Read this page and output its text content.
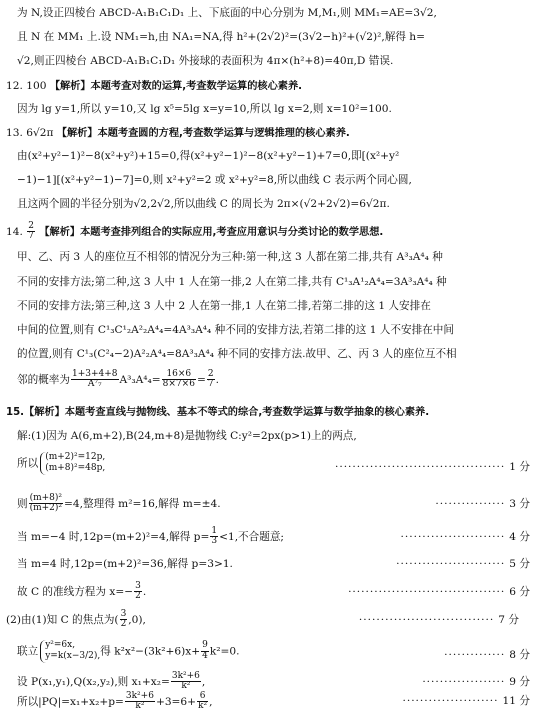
为 N,设正四棱台 ABCD-A₁B₁C₁D₁ 上、下底面的中心分别为 M,M₁,则 MM₁=AE=3√2,
且 N 在 MM₁ 上.设 NM₁=h,由 NA₁=NA,得 h²+(2√2)²=(3√2−h)²+(√2)²,解得 h=
√2,则正四棱台 ABCD-A₁B₁C₁D₁ 外接球的表面积为 4π×(h²+8)=40π,D 错误.
12. 100 【解析】本题考查对数的运算,考查数学运算的核心素养.
因为 lg y=1,所以 y=10,又 lg x⁵=5lg x=y=10,所以 lg x=2,则 x=10²=100.
13. 6√2π 【解析】本题考查圆的方程,考查数学运算与逻辑推理的核心素养.
由(x²+y²−1)²−8(x²+y²)+15=0,得(x²+y²−1)²−8(x²+y²−1)+7=0,即[(x²+y²
−1)−1][(x²+y²−1)−7]=0,则 x²+y²=2 或 x²+y²=8,所以曲线 C 表示两个同心圆,
且这两个圆的半径分别为√2,2√2,所以曲线 C 的周长为 2π×(√2+2√2)=6√2π.
14. $\frac{2}{7}$ 【解析】本题考查排列组合的实际应用,考查应用意识与分类讨论的数学思想.
甲、乙、丙 3 人的座位互不相邻的情况分为三种:第一种,这 3 人都在第二排,共有 A³₃A⁴₄ 种
不同的安排方法;第二种,这 3 人中 1 人在第一排,2 人在第二排,共有 C¹₃A¹₂A⁴₄=3A³₃A⁴₄ 种
不同的安排方法;第三种,这 3 人中 2 人在第一排,1 人在第二排,若第二排的这 1 人安排在
中间的位置,则有 C¹₃C¹₂A²₂A⁴₄=4A³₃A⁴₄ 种不同的安排方法,若第二排的这 1 人不安排在中间
的位置,则有 C¹₃(C²₄−2)A²₂A⁴₄=8A³₃A⁴₄ 种不同的安排方法.故甲、乙、丙 3 人的座位互不相
邻的概率为 $\frac{1+3+4+8}{\text{A⁷₇}} A^3_3A^4_4= \frac{16\times 6}{8\times 7\times 6} = \frac{2}{7}$ .
15.【解析】本题考查直线与抛物线、基本不等式的综合,考查数学运算与数学抽象的核心素养.
解:(1)因为 A(6,m+2),B(24,m+8)是抛物线 C:y²=2px(p>1)上的两点,
所以
(m+2)²=12p,
(m+8)²=48p,	······································· 1 分
则 $\frac{\text{(m+8)²}}{\text{(m+2)²}} =4$,整理得 m²=16,解得 m=±4.	················ 3 分
当 m=−4 时,12p=(m+2)²=4,解得 $p= \frac{1}{3} <1$,不合题意;	························ 4 分
当 m=4 时,12p=(m+2)²=36,解得 p=3>1.	························· 5 分
故 C 的准线方程为 $x=- \frac{3}{2}$ .	···································· 6 分
(2)由(1)知 C 的焦点为( $\frac{3}{2} ,0$),	······························· 7 分
联立
y²=6x,
y=k(x−3/2), 得 $k^2x^2-(3k^2+6)x+ \frac{9}{4} k^2=0$.	·············· 8 分
设 P(x₁,y₁),Q(x₂,y₂),则 $x_1+x_2= \frac{\text{3k²+6}}{\text{k²}}$ ,	··················· 9 分
所以$|PQ|=x_1+x_2+p= \frac{\text{3k²+6}}{\text{k²}} +3=6+ \frac{6}{\text{k²}}$ ,	······················ 11 分
